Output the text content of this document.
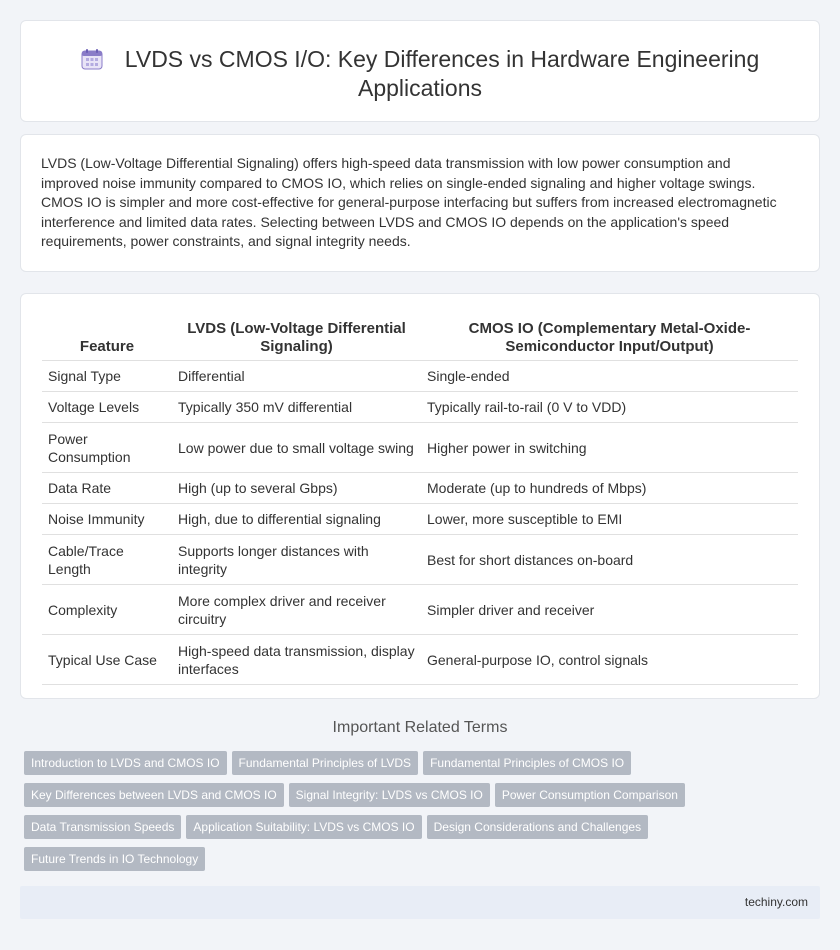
LVDS vs CMOS I/O: Key Differences in Hardware Engineering
Applications

LVDS (Low-Voltage Differential Signaling) offers high-speed data transmission with low power consumption and improved noise immunity compared to CMOS IO, which relies on single-ended signaling and higher voltage swings. CMOS IO is simpler and more cost-effective for general-purpose interfacing but suffers from increased electromagnetic interference and limited data rates. Selecting between LVDS and CMOS IO depends on the application's speed requirements, power constraints, and signal integrity needs.

Feature	LVDS (Low-Voltage Differential Signaling)	CMOS IO (Complementary Metal-Oxide-Semiconductor Input/Output)
Signal Type	Differential	Single-ended
Voltage Levels	Typically 350 mV differential	Typically rail-to-rail (0 V to VDD)
Power Consumption	Low power due to small voltage swing	Higher power in switching
Data Rate	High (up to several Gbps)	Moderate (up to hundreds of Mbps)
Noise Immunity	High, due to differential signaling	Lower, more susceptible to EMI
Cable/Trace Length	Supports longer distances with integrity	Best for short distances on-board
Complexity	More complex driver and receiver circuitry	Simpler driver and receiver
Typical Use Case	High-speed data transmission, display interfaces	General-purpose IO, control signals
Important Related Terms
Introduction to LVDS and CMOS IO Fundamental Principles of LVDS Fundamental Principles of CMOS IO
Key Differences between LVDS and CMOS IO Signal Integrity: LVDS vs CMOS IO Power Consumption Comparison
Data Transmission Speeds Application Suitability: LVDS vs CMOS IO Design Considerations and Challenges
Future Trends in IO Technology
techiny.com
